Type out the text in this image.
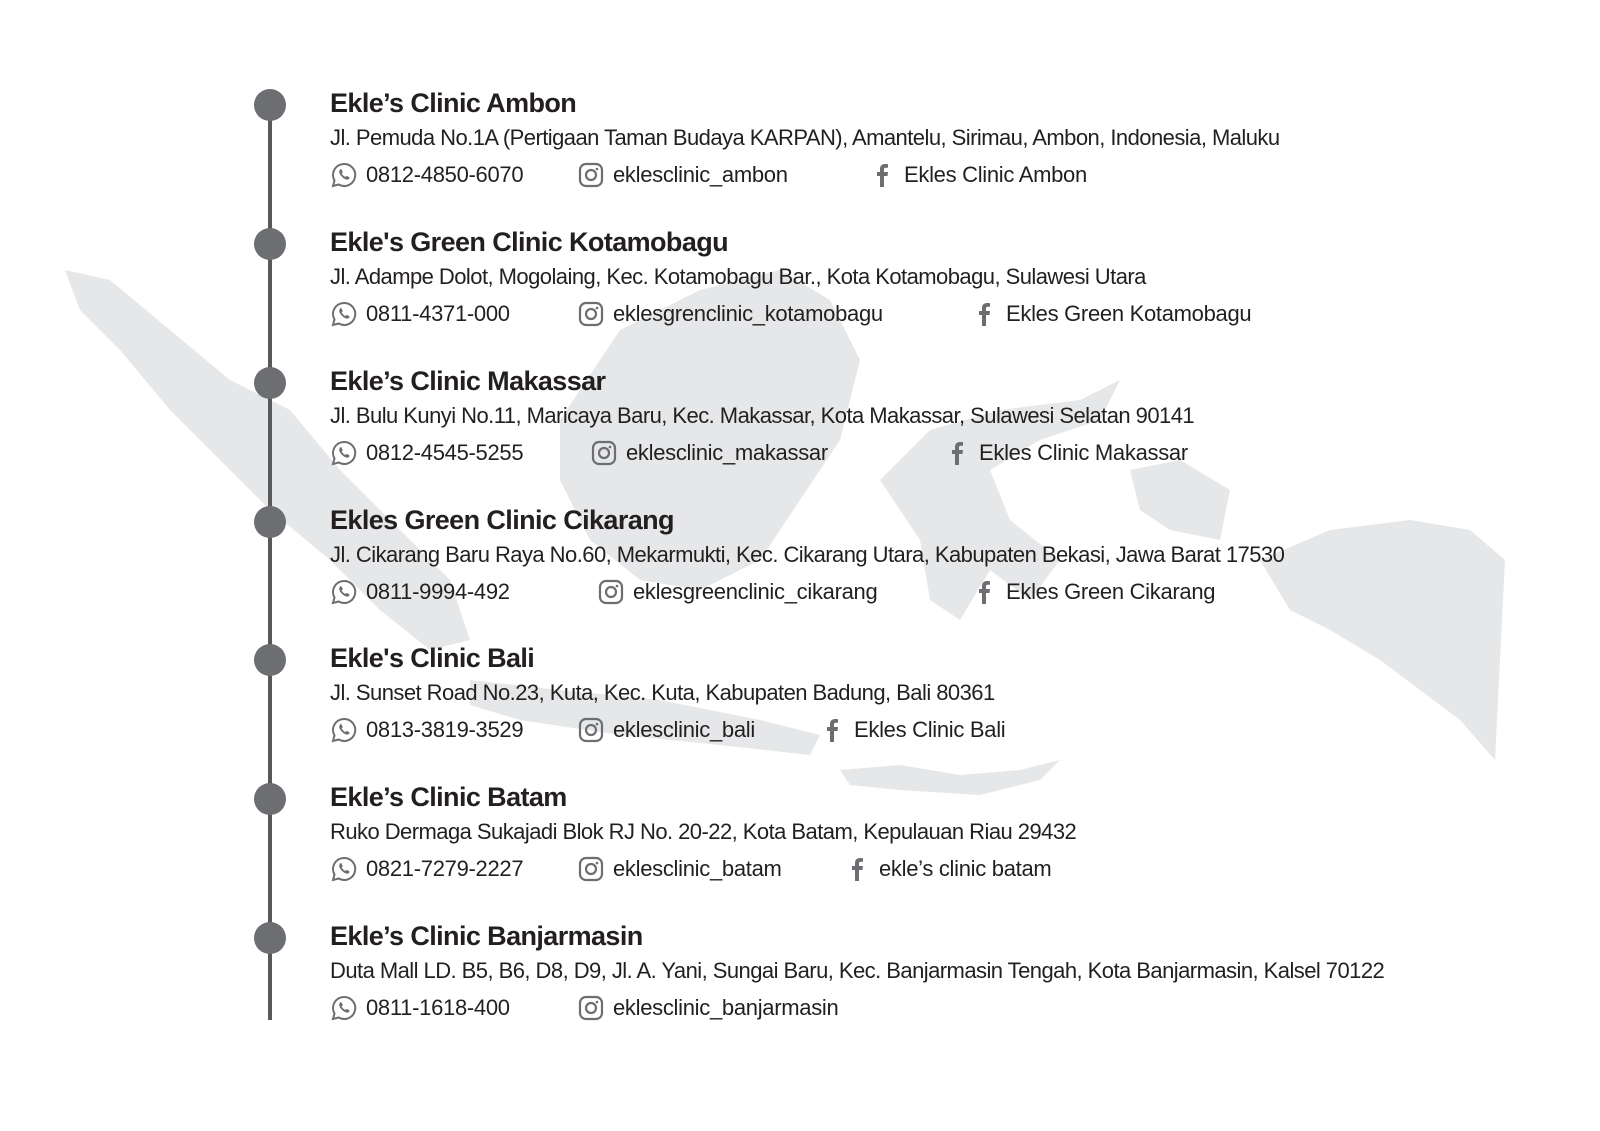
Ekle’s Clinic Ambon
Jl. Pemuda No.1A (Pertigaan Taman Budaya KARPAN), Amantelu, Sirimau, Ambon, Indonesia, Maluku
0812-4850-6070	eklesclinic_ambon	Ekles Clinic Ambon
Ekle's Green Clinic Kotamobagu
Jl. Adampe Dolot, Mogolaing, Kec. Kotamobagu Bar., Kota Kotamobagu, Sulawesi Utara
0811-4371-000	eklesgrenclinic_kotamobagu	Ekles Green Kotamobagu
Ekle’s Clinic Makassar
Jl. Bulu Kunyi No.11, Maricaya Baru, Kec. Makassar, Kota Makassar, Sulawesi Selatan 90141
0812-4545-5255	eklesclinic_makassar	Ekles Clinic Makassar
Ekles Green Clinic Cikarang
Jl. Cikarang Baru Raya No.60, Mekarmukti, Kec. Cikarang Utara, Kabupaten Bekasi, Jawa Barat 17530
0811-9994-492	eklesgreenclinic_cikarang	Ekles Green Cikarang
Ekle's Clinic Bali
Jl. Sunset Road No.23, Kuta, Kec. Kuta, Kabupaten Badung, Bali 80361
0813-3819-3529	eklesclinic_bali	Ekles Clinic Bali
Ekle’s Clinic Batam
Ruko Dermaga Sukajadi Blok RJ No. 20-22, Kota Batam, Kepulauan Riau 29432
0821-7279-2227	eklesclinic_batam	ekle’s clinic batam
Ekle’s Clinic Banjarmasin
Duta Mall LD. B5, B6, D8, D9, Jl. A. Yani, Sungai Baru, Kec. Banjarmasin Tengah, Kota Banjarmasin, Kalsel 70122
0811-1618-400	eklesclinic_banjarmasin
